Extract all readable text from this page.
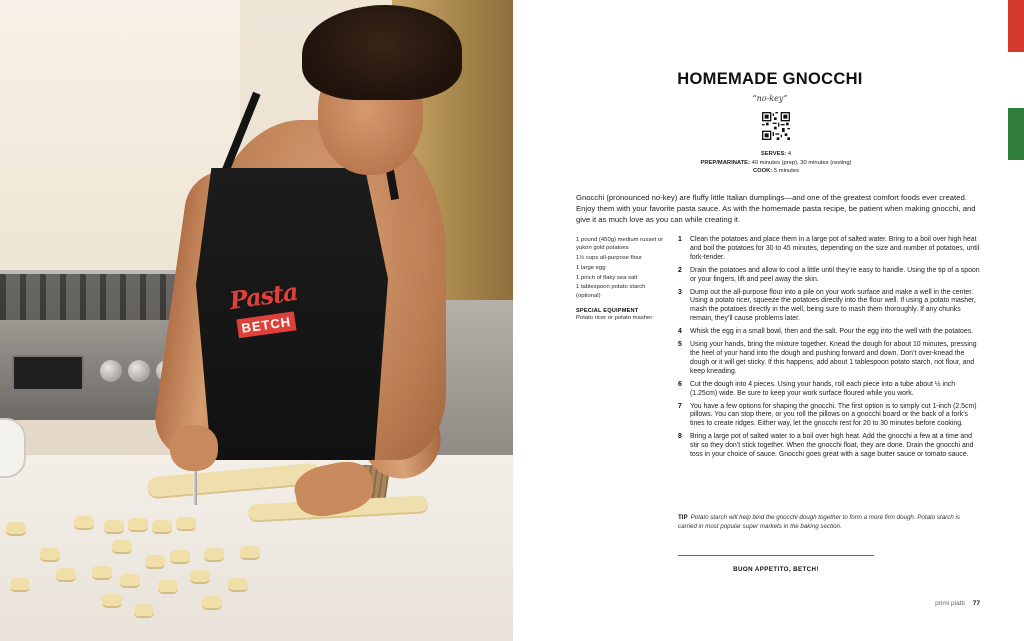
Pasta
BETCH
HOMEMADE GNOCCHI
“no-key”
SERVES: 4
PREP/MARINATE: 40 minutes (prep), 30 minutes (resting)
COOK: 5 minutes

Gnocchi (pronounced no-key) are fluffy little Italian dumplings—and one of the greatest comfort foods ever created. Enjoy them with your favorite pasta sauce. As with the homemade pasta recipe, be patient when making gnocchi, and give it as much love as you can while creating it.

1 pound (450g) medium russet or yukon gold potatoes
1½ cups all-purpose flour
1 large egg
1 pinch of flaky sea salt
1 tablespoon potato starch (optional)
SPECIAL EQUIPMENT
Potato ricer or potato masher
1 Clean the potatoes and place them in a large pot of salted water. Bring to a boil over high heat and boil the potatoes for 30 to 45 minutes, depending on the size and number of potatoes, until fork-tender.
2 Drain the potatoes and allow to cool a little until they’re easy to handle. Using the tip of a spoon or your fingers, lift and peel away the skin.
3 Dump out the all-purpose flour into a pile on your work surface and make a well in the center. Using a potato ricer, squeeze the potatoes directly into the flour well. If using a potato masher, mash the potatoes directly in the well, being sure to mash them thoroughly. If any chunks remain, they’ll cause problems later.
4 Whisk the egg in a small bowl, then and the salt. Pour the egg into the well with the potatoes.
5 Using your hands, bring the mixture together. Knead the dough for about 10 minutes, pressing the heel of your hand into the dough and pushing forward and down. Don’t over-knead the dough or it will get sticky. If this happens, add about 1 tablespoon potato starch, not flour, and keep kneading.
6 Cut the dough into 4 pieces. Using your hands, roll each piece into a tube about ½ inch (1.25cm) wide. Be sure to keep your work surface floured while you work.
7 You have a few options for shaping the gnocchi. The first option is to simply cut 1-inch (2.5cm) pillows. You can stop there, or you roll the pillows on a gnocchi board or the back of a fork’s tines to create ridges. Either way, let the gnocchi rest for 20 to 30 minutes before cooking.
8 Bring a large pot of salted water to a boil over high heat. Add the gnocchi a few at a time and stir so they don’t stick together. When the gnocchi float, they are done. Drain the gnocchi and toss in your choice of sauce. Gnocchi goes great with a sage butter sauce or tomato sauce.

TIP Potato starch will help bind the gnocchi dough together to form a more firm dough. Potato starch is carried in most popular super markets in the baking section.

BUON APPETITO, BETCH!
primi piatti 77
